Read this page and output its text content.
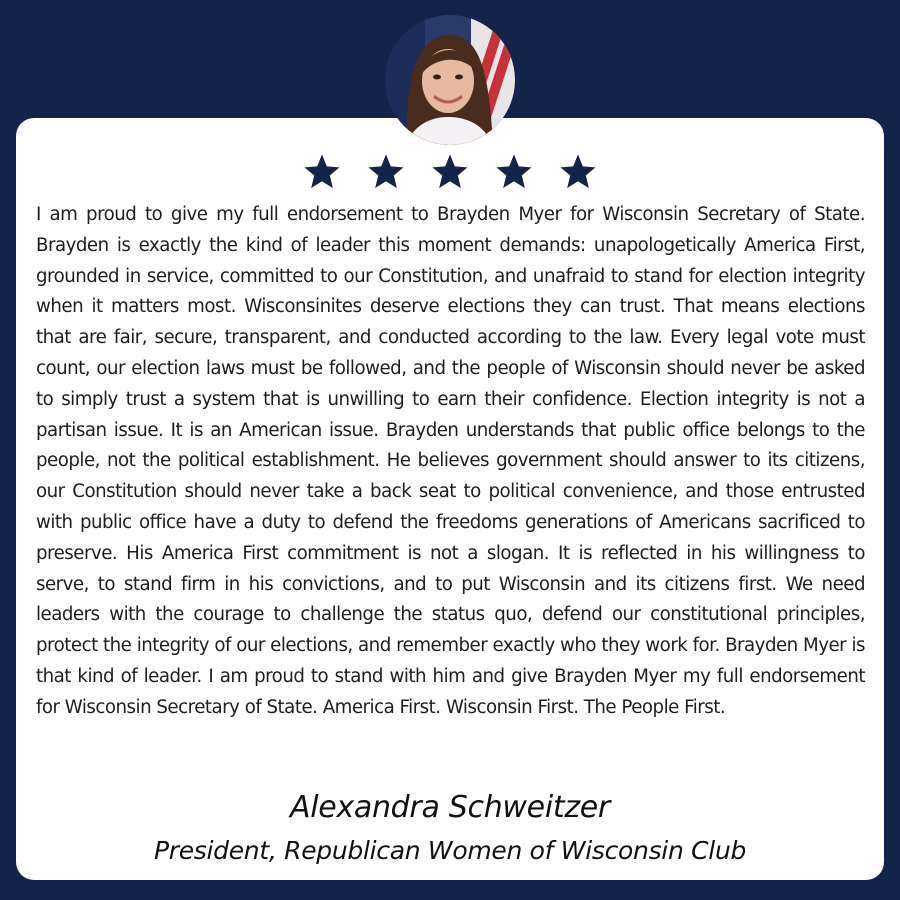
I am proud to give my full endorsement to Brayden Myer for Wisconsin Secretary of State. Brayden is exactly the kind of leader this moment demands: unapologetically America First, grounded in service, committed to our Constitution, and unafraid to stand for election integrity when it matters most. Wisconsinites deserve elections they can trust. That means elections that are fair, secure, transparent, and conducted according to the law. Every legal vote must count, our election laws must be followed, and the people of Wisconsin should never be asked to simply trust a system that is unwilling to earn their confidence. Election integrity is not a partisan issue. It is an American issue. Brayden understands that public office belongs to the people, not the political establishment. He believes government should answer to its citizens, our Constitution should never take a back seat to political convenience, and those entrusted with public office have a duty to defend the freedoms generations of Americans sacrificed to preserve. His America First commitment is not a slogan. It is reflected in his willingness to serve, to stand firm in his convictions, and to put Wisconsin and its citizens first. We need leaders with the courage to challenge the status quo, defend our constitutional principles, protect the integrity of our elections, and remember exactly who they work for. Brayden Myer is that kind of leader. I am proud to stand with him and give Brayden Myer my full endorsement for Wisconsin Secretary of State. America First. Wisconsin First. The People First.

Alexandra Schweitzer
President, Republican Women of Wisconsin Club
